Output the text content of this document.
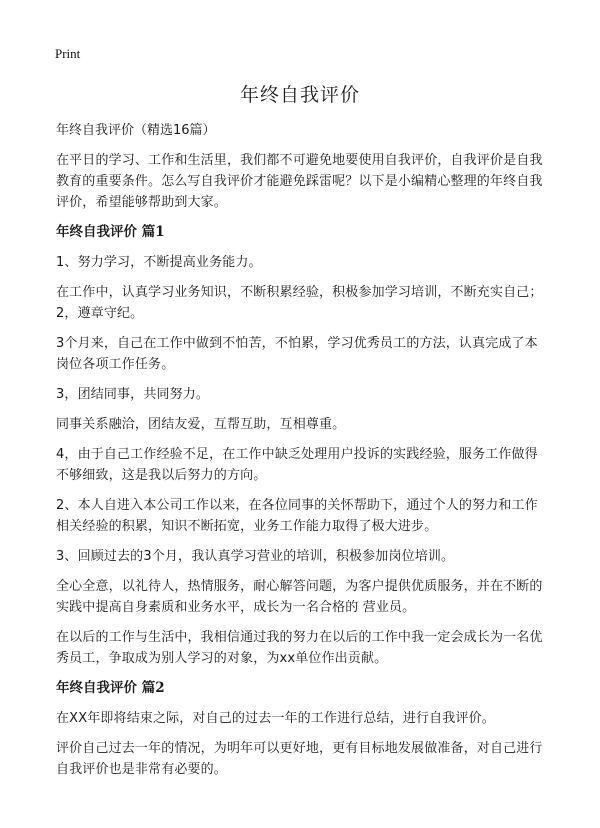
Print
年终自我评价
年终自我评价（精选16篇）
在平日的学习、工作和生活里，我们都不可避免地要使用自我评价，自我评价是自我教育的重要条件。怎么写自我评价才能避免踩雷呢？以下是小编精心整理的年终自我评价，希望能够帮助到大家。
年终自我评价 篇1
1、努力学习，不断提高业务能力。
在工作中，认真学习业务知识，不断积累经验，积极参加学习培训，不断充实自己；2，遵章守纪。
3个月来，自己在工作中做到不怕苦，不怕累，学习优秀员工的方法，认真完成了本岗位各项工作任务。
3，团结同事，共同努力。
同事关系融洽，团结友爱，互帮互助，互相尊重。
4，由于自己工作经验不足，在工作中缺乏处理用户投诉的实践经验，服务工作做得不够细致，这是我以后努力的方向。
2、本人自进入本公司工作以来，在各位同事的关怀帮助下，通过个人的努力和工作相关经验的积累，知识不断拓宽，业务工作能力取得了极大进步。
3、回顾过去的3个月，我认真学习营业的培训，积极参加岗位培训。
全心全意，以礼待人，热情服务，耐心解答问题，为客户提供优质服务，并在不断的实践中提高自身素质和业务水平，成长为一名合格的 营业员。
在以后的工作与生活中，我相信通过我的努力在以后的工作中我一定会成长为一名优秀员工，争取成为别人学习的对象，为xx单位作出贡献。
年终自我评价 篇2
在XX年即将结束之际，对自己的过去一年的工作进行总结，进行自我评价。
评价自己过去一年的情况，为明年可以更好地，更有目标地发展做准备，对自己进行自我评价也是非常有必要的。
